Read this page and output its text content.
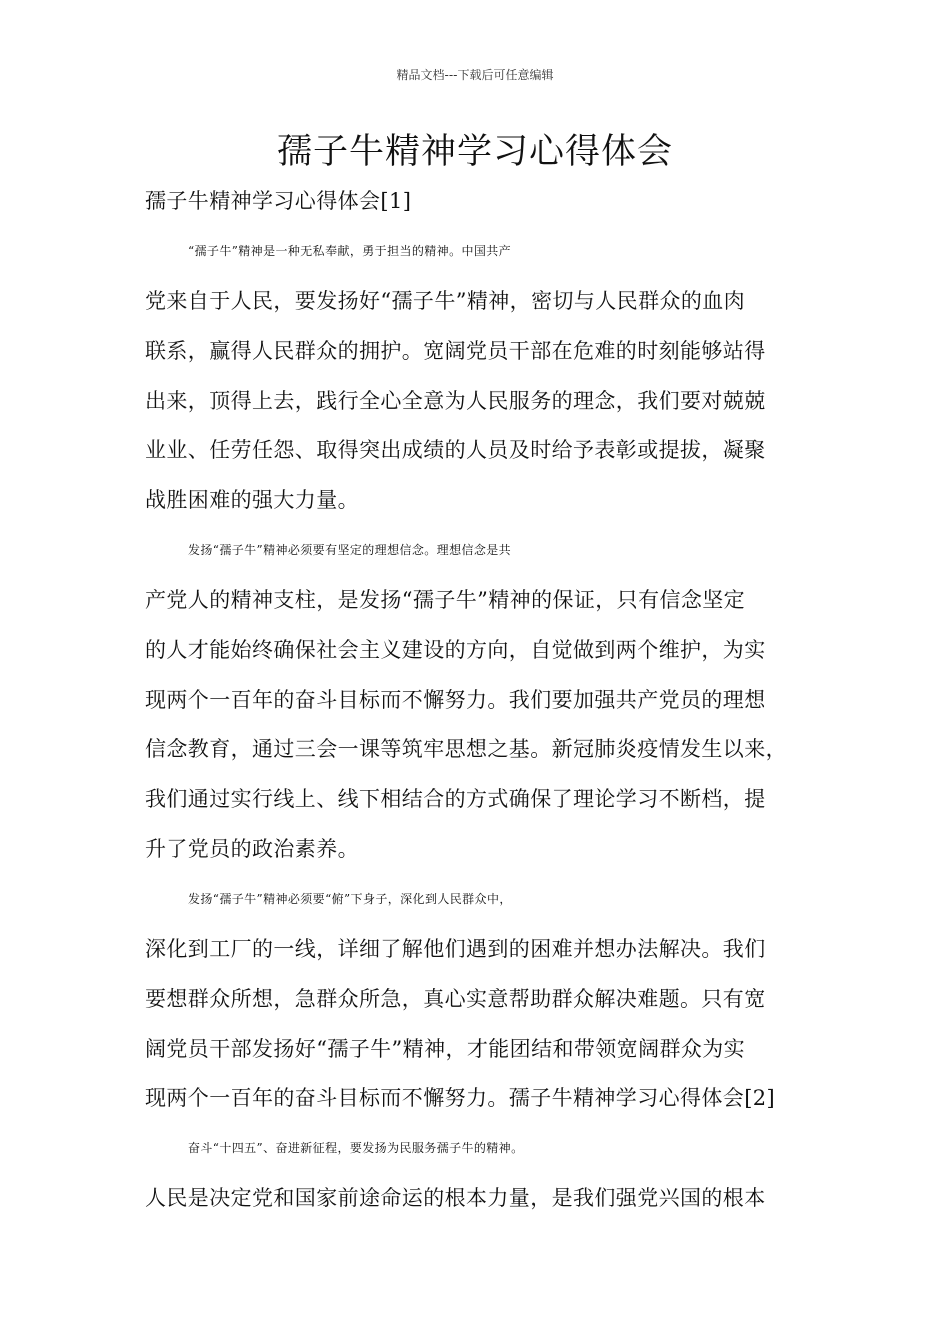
精品文档---下载后可任意编辑
孺子牛精神学习心得体会
孺子牛精神学习心得体会[1]
“孺子牛”精神是一种无私奉献，勇于担当的精神。中国共产
党来自于人民，要发扬好“孺子牛”精神，密切与人民群众的血肉
联系，赢得人民群众的拥护。宽阔党员干部在危难的时刻能够站得
出来，顶得上去，践行全心全意为人民服务的理念，我们要对兢兢
业业、任劳任怨、取得突出成绩的人员及时给予表彰或提拔，凝聚
战胜困难的强大力量。
发扬“孺子牛”精神必须要有坚定的理想信念。理想信念是共
产党人的精神支柱，是发扬“孺子牛”精神的保证，只有信念坚定
的人才能始终确保社会主义建设的方向，自觉做到两个维护，为实
现两个一百年的奋斗目标而不懈努力。我们要加强共产党员的理想
信念教育，通过三会一课等筑牢思想之基。新冠肺炎疫情发生以来，
我们通过实行线上、线下相结合的方式确保了理论学习不断档，提
升了党员的政治素养。
发扬“孺子牛”精神必须要“俯”下身子，深化到人民群众中，
深化到工厂的一线，详细了解他们遇到的困难并想办法解决。我们
要想群众所想，急群众所急，真心实意帮助群众解决难题。只有宽
阔党员干部发扬好“孺子牛”精神，才能团结和带领宽阔群众为实
现两个一百年的奋斗目标而不懈努力。孺子牛精神学习心得体会[2]
奋斗“十四五”、奋进新征程，要发扬为民服务孺子牛的精神。
人民是决定党和国家前途命运的根本力量，是我们强党兴国的根本
